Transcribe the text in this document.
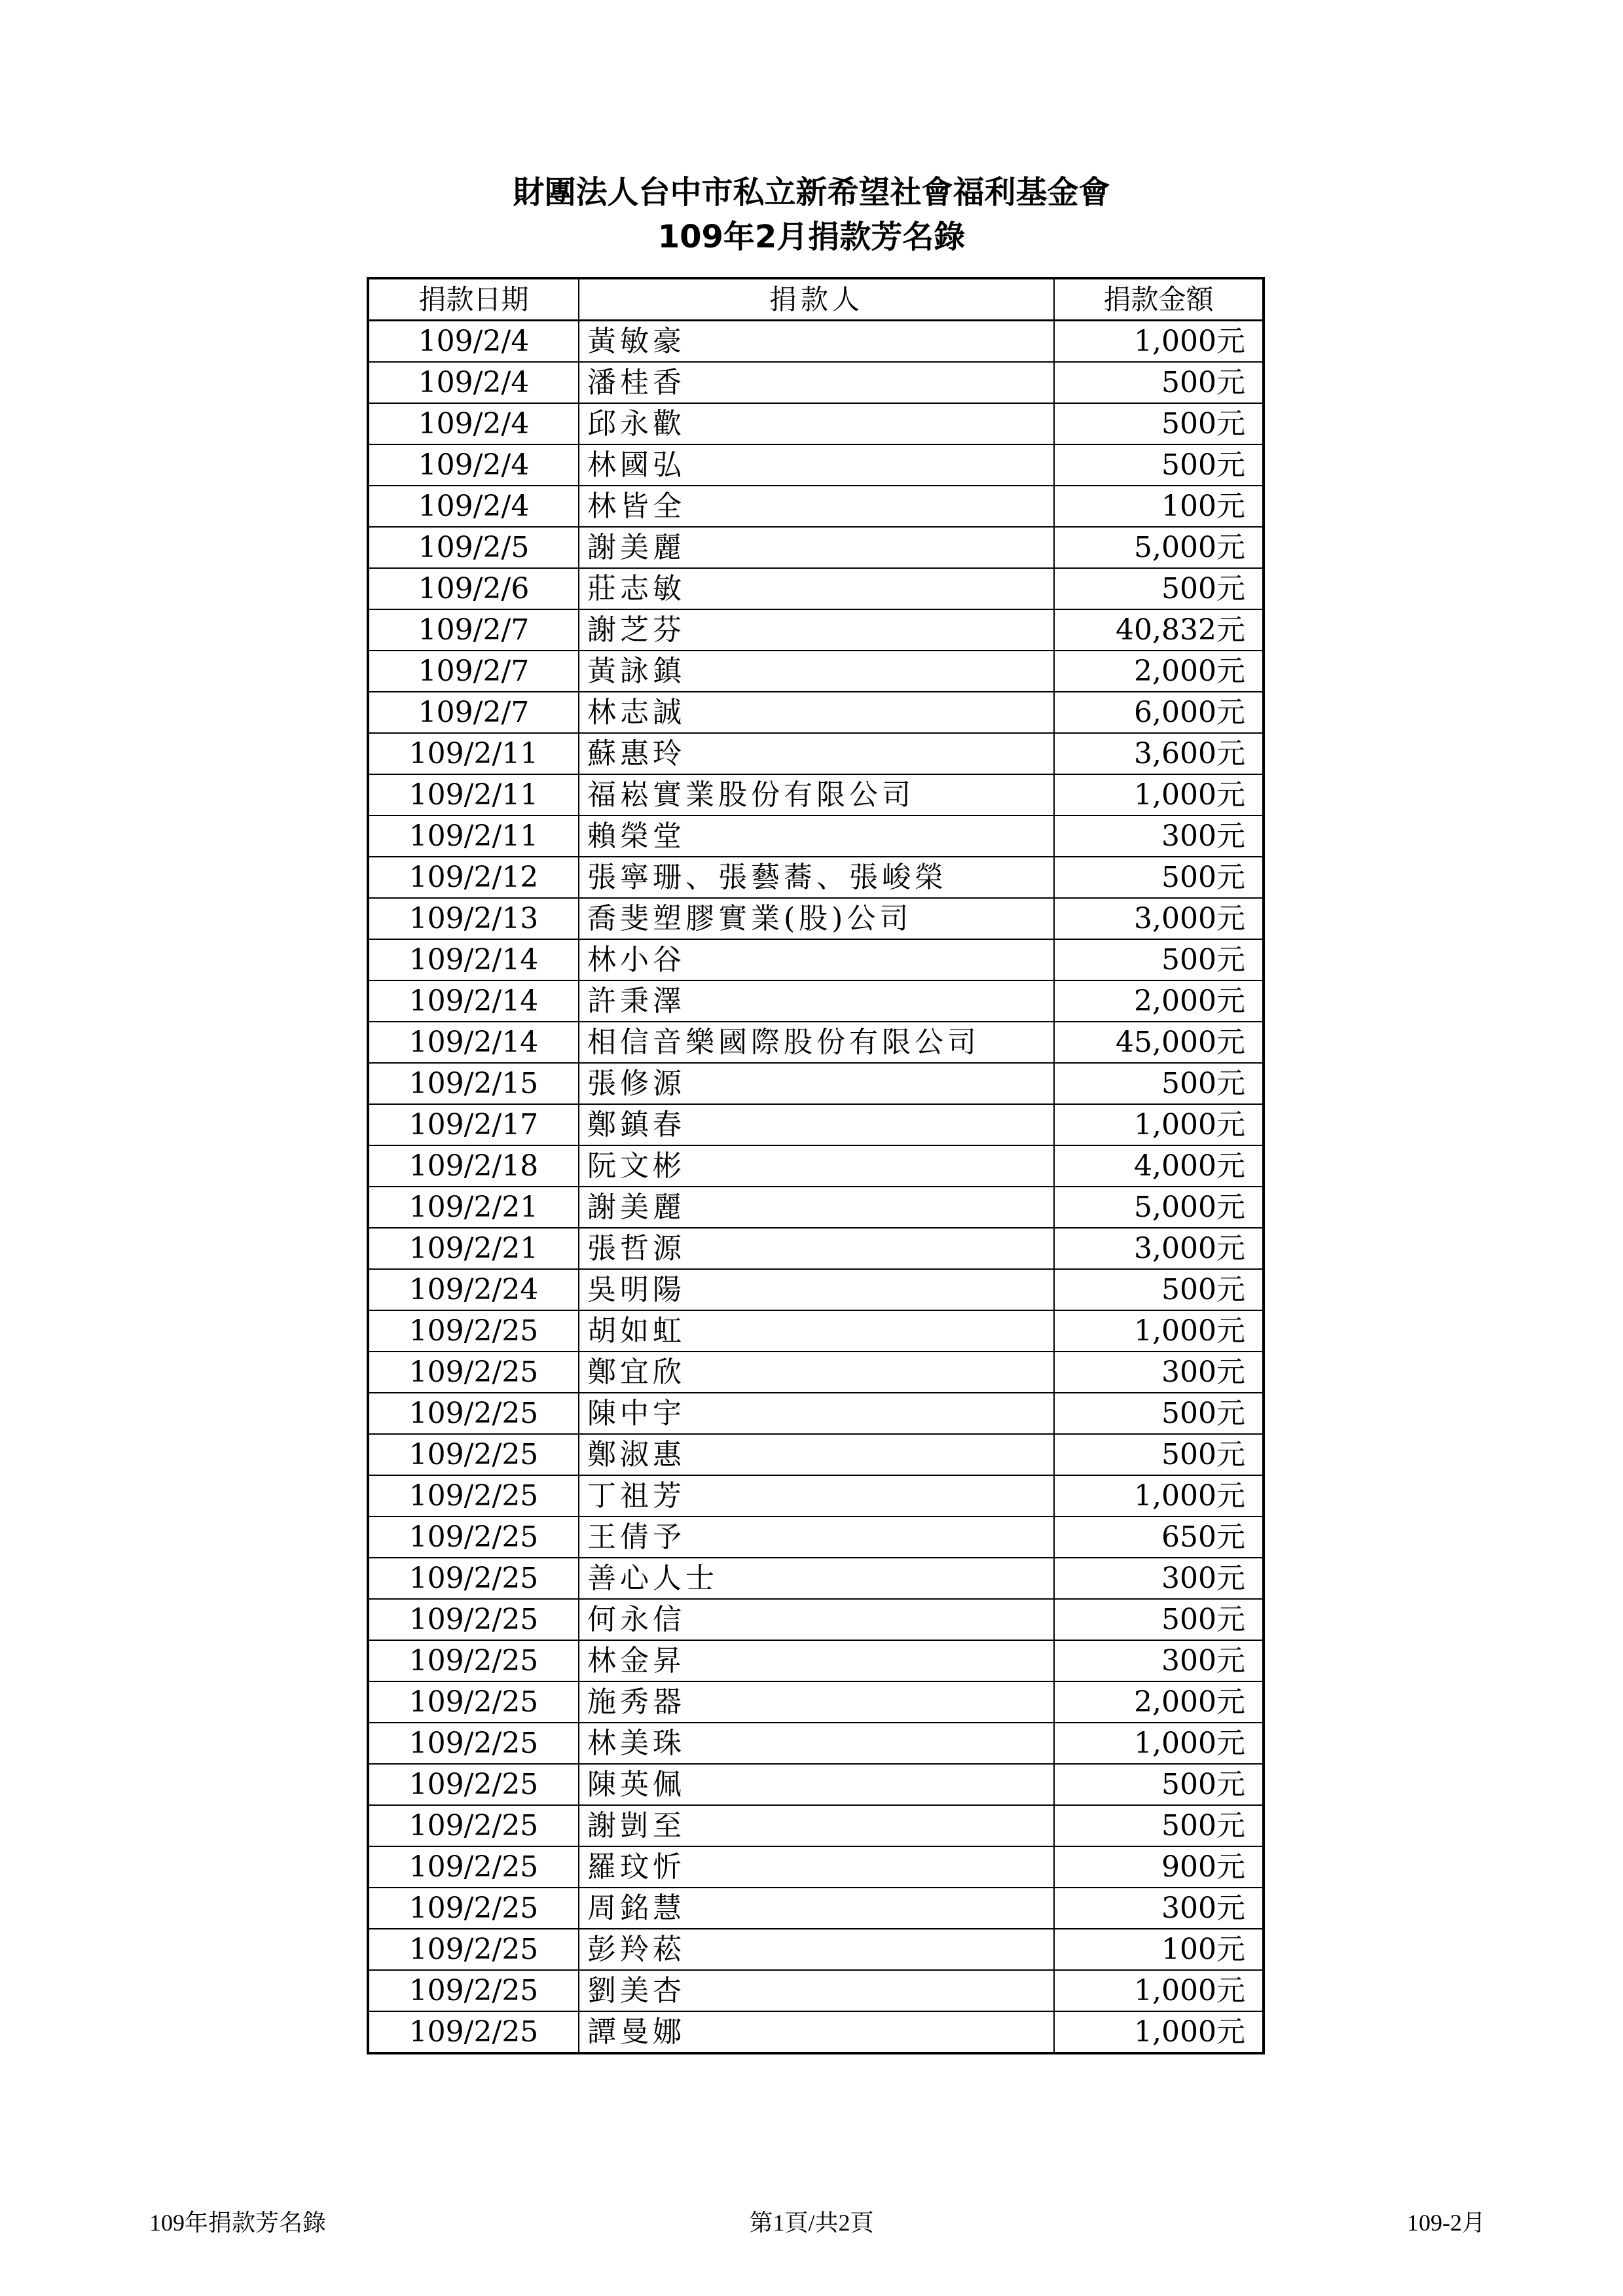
財團法人台中市私立新希望社會福利基金會
109年2月捐款芳名錄
捐款日期	捐款人	捐款金額
109/2/4	黃敏豪	1,000元
109/2/4	潘桂香	500元
109/2/4	邱永歡	500元
109/2/4	林國弘	500元
109/2/4	林皆全	100元
109/2/5	謝美麗	5,000元
109/2/6	莊志敏	500元
109/2/7	謝芝芬	40,832元
109/2/7	黃詠鎮	2,000元
109/2/7	林志誠	6,000元
109/2/11	蘇惠玲	3,600元
109/2/11	福崧實業股份有限公司	1,000元
109/2/11	賴榮堂	300元
109/2/12	張寧珊、張藝蕎、張峻榮	500元
109/2/13	喬斐塑膠實業(股)公司	3,000元
109/2/14	林小谷	500元
109/2/14	許秉澤	2,000元
109/2/14	相信音樂國際股份有限公司	45,000元
109/2/15	張修源	500元
109/2/17	鄭鎮春	1,000元
109/2/18	阮文彬	4,000元
109/2/21	謝美麗	5,000元
109/2/21	張哲源	3,000元
109/2/24	吳明陽	500元
109/2/25	胡如虹	1,000元
109/2/25	鄭宜欣	300元
109/2/25	陳中宇	500元
109/2/25	鄭淑惠	500元
109/2/25	丁祖芳	1,000元
109/2/25	王倩予	650元
109/2/25	善心人士	300元
109/2/25	何永信	500元
109/2/25	林金昇	300元
109/2/25	施秀器	2,000元
109/2/25	林美珠	1,000元
109/2/25	陳英佩	500元
109/2/25	謝剴至	500元
109/2/25	羅玟忻	900元
109/2/25	周銘慧	300元
109/2/25	彭羚菘	100元
109/2/25	劉美杏	1,000元
109/2/25	譚曼娜	1,000元
109年捐款芳名錄	第1頁/共2頁	109-2月
